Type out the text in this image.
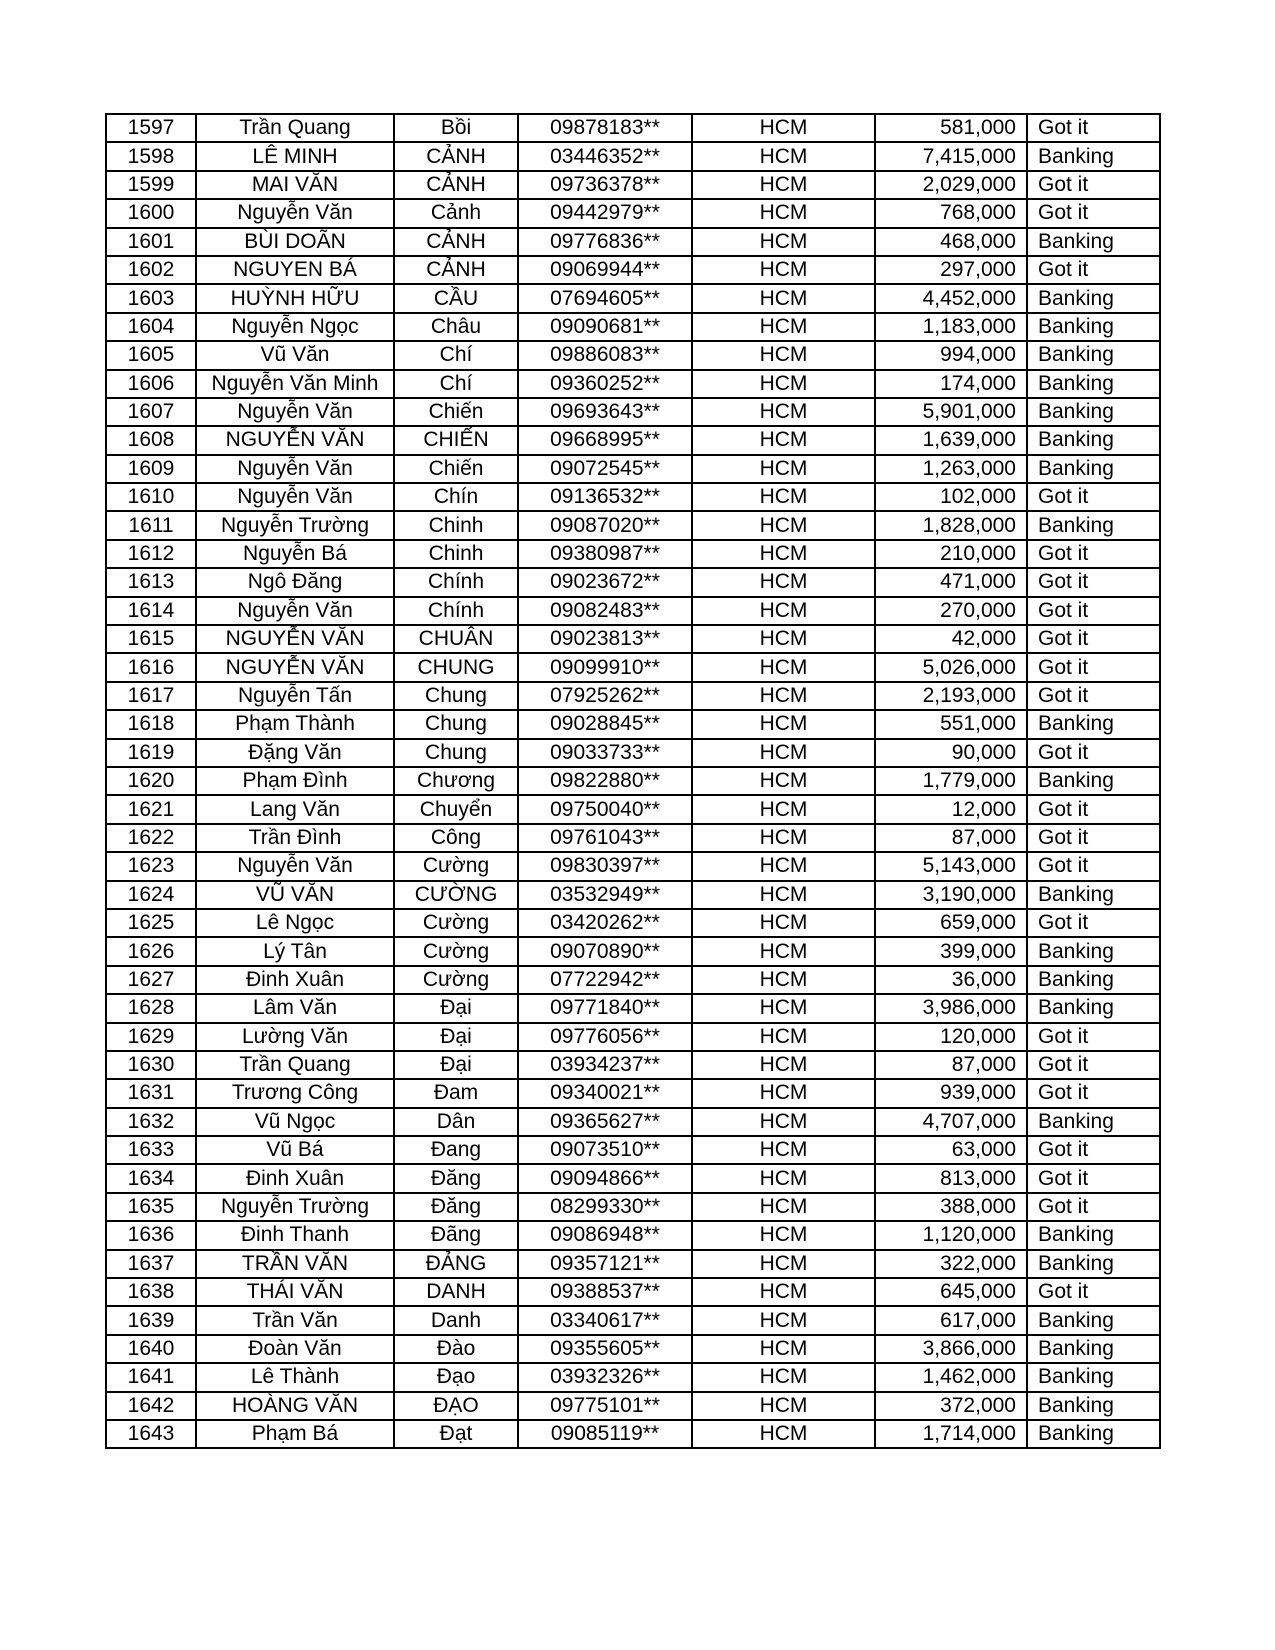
1597	Trần Quang	Bồi	09878183**	HCM	581,000	Got it
1598	LÊ MINH	CẢNH	03446352**	HCM	7,415,000	Banking
1599	MAI VĂN	CẢNH	09736378**	HCM	2,029,000	Got it
1600	Nguyễn Văn	Cảnh	09442979**	HCM	768,000	Got it
1601	BÙI DOÃN	CẢNH	09776836**	HCM	468,000	Banking
1602	NGUYEN BÁ	CẢNH	09069944**	HCM	297,000	Got it
1603	HUỲNH HỮU	CẦU	07694605**	HCM	4,452,000	Banking
1604	Nguyễn Ngọc	Châu	09090681**	HCM	1,183,000	Banking
1605	Vũ Văn	Chí	09886083**	HCM	994,000	Banking
1606	Nguyễn Văn Minh	Chí	09360252**	HCM	174,000	Banking
1607	Nguyễn Văn	Chiến	09693643**	HCM	5,901,000	Banking
1608	NGUYỄN VĂN	CHIẾN	09668995**	HCM	1,639,000	Banking
1609	Nguyễn Văn	Chiến	09072545**	HCM	1,263,000	Banking
1610	Nguyễn Văn	Chín	09136532**	HCM	102,000	Got it
1611	Nguyễn Trường	Chinh	09087020**	HCM	1,828,000	Banking
1612	Nguyễn Bá	Chinh	09380987**	HCM	210,000	Got it
1613	Ngô Đăng	Chính	09023672**	HCM	471,000	Got it
1614	Nguyễn Văn	Chính	09082483**	HCM	270,000	Got it
1615	NGUYỄN VĂN	CHUÂN	09023813**	HCM	42,000	Got it
1616	NGUYỄN VĂN	CHUNG	09099910**	HCM	5,026,000	Got it
1617	Nguyễn Tấn	Chung	07925262**	HCM	2,193,000	Got it
1618	Phạm Thành	Chung	09028845**	HCM	551,000	Banking
1619	Đặng Văn	Chung	09033733**	HCM	90,000	Got it
1620	Phạm Đình	Chương	09822880**	HCM	1,779,000	Banking
1621	Lang Văn	Chuyển	09750040**	HCM	12,000	Got it
1622	Trần Đình	Công	09761043**	HCM	87,000	Got it
1623	Nguyễn Văn	Cường	09830397**	HCM	5,143,000	Got it
1624	VŨ VĂN	CƯỜNG	03532949**	HCM	3,190,000	Banking
1625	Lê Ngọc	Cường	03420262**	HCM	659,000	Got it
1626	Lý Tân	Cường	09070890**	HCM	399,000	Banking
1627	Đinh Xuân	Cường	07722942**	HCM	36,000	Banking
1628	Lâm Văn	Đại	09771840**	HCM	3,986,000	Banking
1629	Lường Văn	Đại	09776056**	HCM	120,000	Got it
1630	Trần Quang	Đại	03934237**	HCM	87,000	Got it
1631	Trương Công	Đam	09340021**	HCM	939,000	Got it
1632	Vũ Ngọc	Dân	09365627**	HCM	4,707,000	Banking
1633	Vũ Bá	Đang	09073510**	HCM	63,000	Got it
1634	Đinh Xuân	Đăng	09094866**	HCM	813,000	Got it
1635	Nguyễn Trường	Đăng	08299330**	HCM	388,000	Got it
1636	Đinh Thanh	Đãng	09086948**	HCM	1,120,000	Banking
1637	TRẦN VĂN	ĐẢNG	09357121**	HCM	322,000	Banking
1638	THÁI VĂN	DANH	09388537**	HCM	645,000	Got it
1639	Trần Văn	Danh	03340617**	HCM	617,000	Banking
1640	Đoàn Văn	Đào	09355605**	HCM	3,866,000	Banking
1641	Lê Thành	Đạo	03932326**	HCM	1,462,000	Banking
1642	HOÀNG VĂN	ĐẠO	09775101**	HCM	372,000	Banking
1643	Phạm Bá	Đạt	09085119**	HCM	1,714,000	Banking
